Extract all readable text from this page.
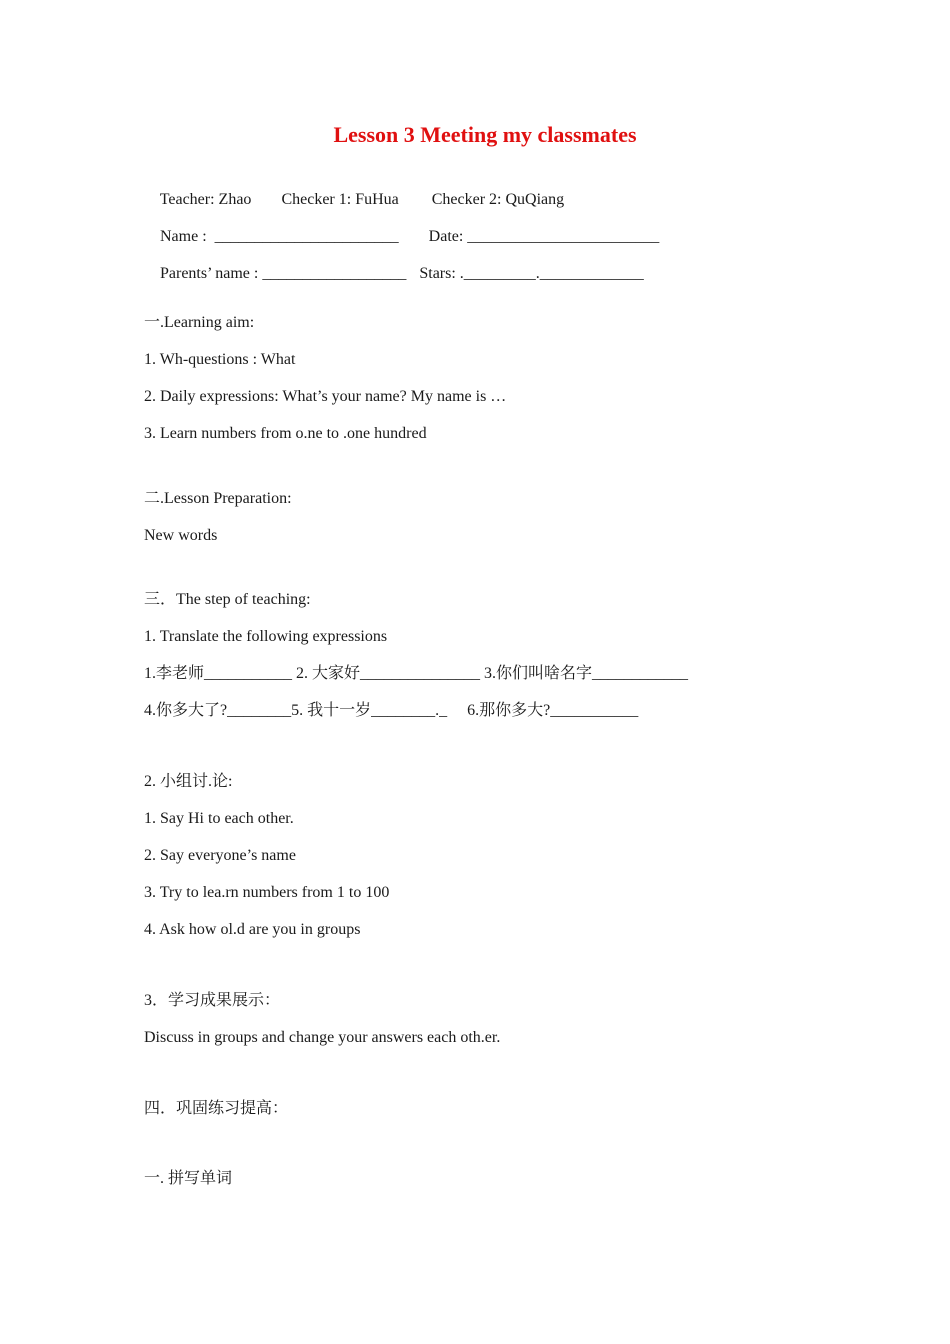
Lesson 3 Meeting my classmates

Teacher: Zhao Checker 1: FuHua Checker 2: QuQiang

Name :  _______________________ Date: ________________________

Parents’ name : __________________ Stars: ._________._____________

一.Learning aim:
1. Wh-questions : What
2. Daily expressions: What’s your name? My name is …
3. Learn numbers from o.ne to .one hundred
二.Lesson Preparation:
New words
三．The step of teaching:
1. Translate the following expressions
1.李老师___________ 2. 大家好_______________ 3.你们叫啥名字____________
4.你多大了?________5. 我十一岁________._     6.那你多大?___________
2. 小组讨.论:
1. Say Hi to each other.
2. Say everyone’s name
3. Try to lea.rn numbers from 1 to 100
4. Ask how ol.d are you in groups
3．学习成果展示：
Discuss in groups and change your answers each oth.er.
四．巩固练习提高：
一. 拼写单词
